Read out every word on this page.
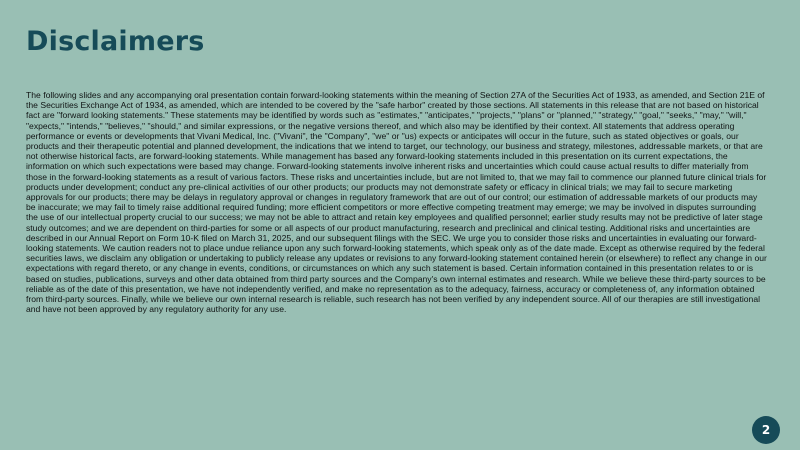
Disclaimers

The following slides and any accompanying oral presentation contain forward-looking statements within the meaning of Section 27A of the Securities Act of 1933, as amended, and Section 21E of the Securities Exchange Act of 1934, as amended, which are intended to be covered by the "safe harbor" created by those sections. All statements in this release that are not based on historical fact are "forward looking statements." These statements may be identified by words such as "estimates," "anticipates," "projects," "plans" or "planned," "strategy," "goal," "seeks," "may," "will," "expects," "intends," "believes," "should," and similar expressions, or the negative versions thereof, and which also may be identified by their context. All statements that address operating performance or events or developments that Vivani Medical, Inc. ("Vivani", the "Company", "we" or "us) expects or anticipates will occur in the future, such as stated objectives or goals, our products and their therapeutic potential and planned development, the indications that we intend to target, our technology, our business and strategy, milestones, addressable markets, or that are not otherwise historical facts, are forward-looking statements. While management has based any forward-looking statements included in this presentation on its current expectations, the information on which such expectations were based may change. Forward-looking statements involve inherent risks and uncertainties which could cause actual results to differ materially from those in the forward-looking statements as a result of various factors. These risks and uncertainties include, but are not limited to, that we may fail to commence our planned future clinical trials for products under development; conduct any pre-clinical activities of our other products; our products may not demonstrate safety or efficacy in clinical trials; we may fail to secure marketing approvals for our products; there may be delays in regulatory approval or changes in regulatory framework that are out of our control; our estimation of addressable markets of our products may be inaccurate; we may fail to timely raise additional required funding; more efficient competitors or more effective competing treatment may emerge; we may be involved in disputes surrounding the use of our intellectual property crucial to our success; we may not be able to attract and retain key employees and qualified personnel; earlier study results may not be predictive of later stage study outcomes; and we are dependent on third-parties for some or all aspects of our product manufacturing, research and preclinical and clinical testing. Additional risks and uncertainties are described in our Annual Report on Form 10-K filed on March 31, 2025, and our subsequent filings with the SEC. We urge you to consider those risks and uncertainties in evaluating our forward-looking statements. We caution readers not to place undue reliance upon any such forward-looking statements, which speak only as of the date made. Except as otherwise required by the federal securities laws, we disclaim any obligation or undertaking to publicly release any updates or revisions to any forward-looking statement contained herein (or elsewhere) to reflect any change in our expectations with regard thereto, or any change in events, conditions, or circumstances on which any such statement is based. Certain information contained in this presentation relates to or is based on studies, publications, surveys and other data obtained from third party sources and the Company's own internal estimates and research. While we believe these third-party sources to be reliable as of the date of this presentation, we have not independently verified, and make no representation as to the adequacy, fairness, accuracy or completeness of, any information obtained from third-party sources. Finally, while we believe our own internal research is reliable, such research has not been verified by any independent source. All of our therapies are still investigational and have not been approved by any regulatory authority for any use.

2
